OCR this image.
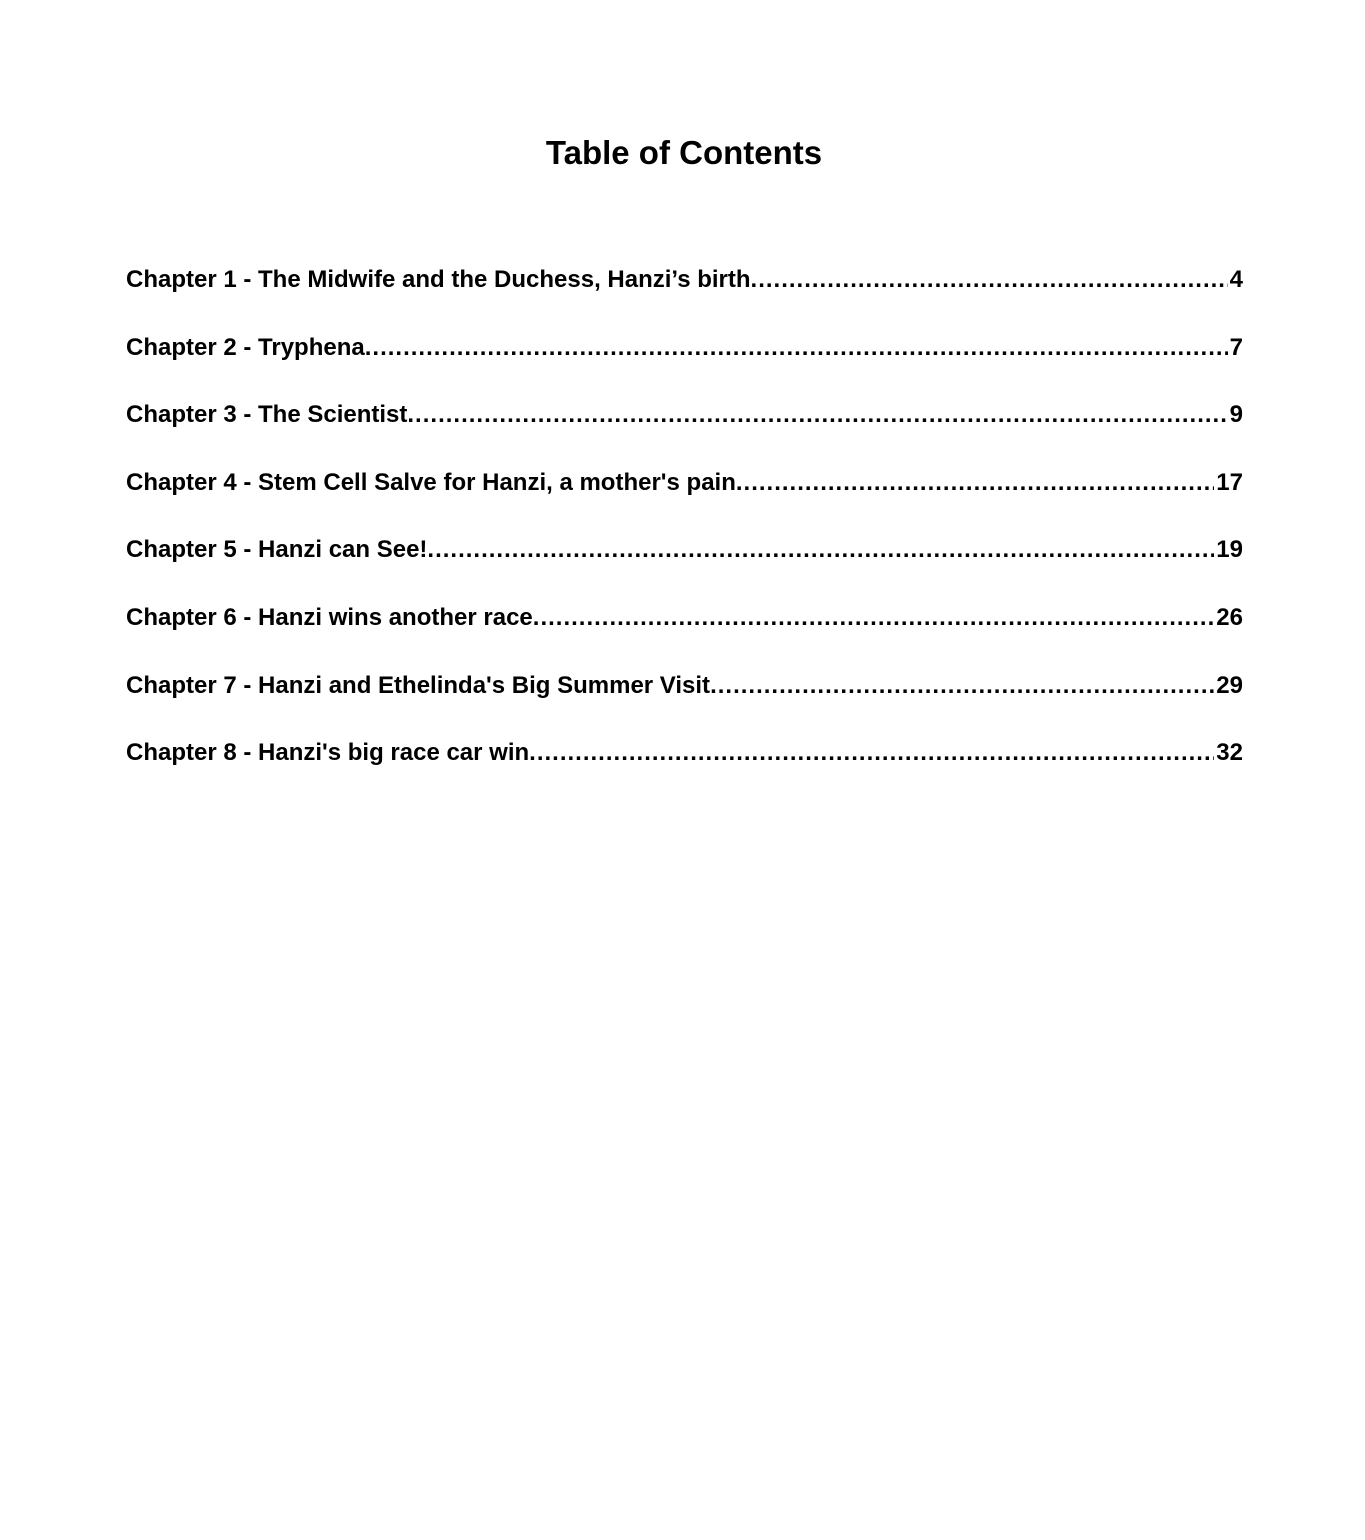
Table of Contents
Chapter 1 - The Midwife and the Duchess, Hanzi’s birth .....	4
Chapter 2 - Tryphena .....	7
Chapter 3 - The Scientist .....	9
Chapter 4 - Stem Cell Salve for Hanzi, a mother's pain .....	17
Chapter 5 - Hanzi can See! .....	19
Chapter 6 - Hanzi wins another race .....	26
Chapter 7 - Hanzi and Ethelinda's Big Summer Visit .....	29
Chapter 8 - Hanzi's big race car win .....	32
